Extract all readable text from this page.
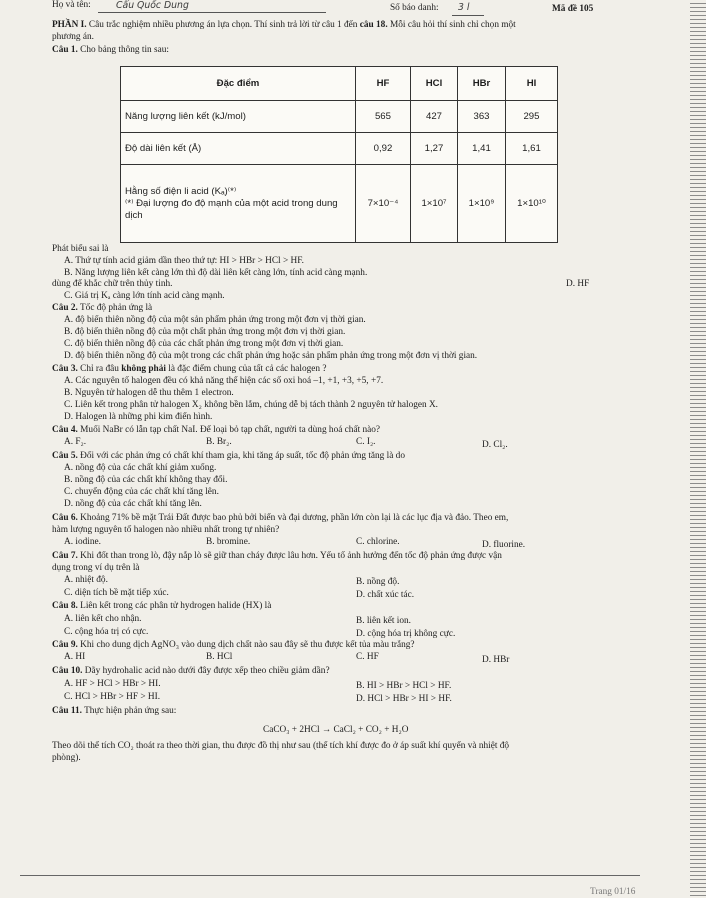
Họ và tên:	Cẩu Quốc Dung	Số báo danh: 3 l	Mã đề 105
PHẦN I. Câu trắc nghiệm nhiều phương án lựa chọn. Thí sinh trả lời từ câu 1 đến câu 18. Mỗi câu hỏi thí sinh chỉ chọn một
phương án.
Câu 1. Cho bảng thông tin sau:
Đặc điểm	HF	HCl	HBr	HI
Năng lượng liên kết (kJ/mol)	565	427	363	295
Độ dài liên kết (Å)	0,92	1,27	1,41	1,61

Hằng số điện li acid (Kₐ)⁽*⁾
⁽*⁾ Đại lượng đo độ mạnh của một acid trong dung dịch	7×10⁻⁴	1×10⁷	1×10⁹	1×10¹⁰
Phát biểu sai là
A. Thứ tự tính acid giảm dần theo thứ tự: HI > HBr > HCl > HF.
B. Năng lượng liên kết càng lớn thì độ dài liên kết càng lớn, tính acid càng mạnh.
dùng để khắc chữ trên thủy tinh.	D. HF
C. Giá trị Kₐ càng lớn tính acid càng mạnh.
Câu 2. Tốc độ phản ứng là
A. độ biến thiên nồng độ của một sản phẩm phản ứng trong một đơn vị thời gian.
B. độ biến thiên nồng độ của một chất phản ứng trong một đơn vị thời gian.
C. độ biến thiên nồng độ của các chất phản ứng trong một đơn vị thời gian.
D. độ biến thiên nồng độ của một trong các chất phản ứng hoặc sản phẩm phản ứng trong một đơn vị thời gian.
Câu 3. Chỉ ra đâu không phải là đặc điểm chung của tất cả các halogen ?
A. Các nguyên tố halogen đều có khả năng thể hiện các số oxi hoá –1, +1, +3, +5, +7.
B. Nguyên tử halogen dễ thu thêm 1 electron.
C. Liên kết trong phân tử halogen X₂ không bền lắm, chúng dễ bị tách thành 2 nguyên tử halogen X.
D. Halogen là những phi kim điển hình.
Câu 4. Muối NaBr có lẫn tạp chất NaI. Để loại bỏ tạp chất, người ta dùng hoá chất nào?
A. F₂.	B. Br₂.	C. I₂.	D. Cl₂.
Câu 5. Đối với các phản ứng có chất khí tham gia, khi tăng áp suất, tốc độ phản ứng tăng là do
A. nồng độ của các chất khí giảm xuống.
B. nồng độ của các chất khí không thay đổi.
C. chuyển động của các chất khí tăng lên.
D. nồng độ của các chất khí tăng lên.
Câu 6. Khoảng 71% bề mặt Trái Đất được bao phủ bởi biển và đại dương, phần lớn còn lại là các lục địa và đảo. Theo em,
hàm lượng nguyên tố halogen nào nhiều nhất trong tự nhiên?
A. iodine.	B. bromine.	C. chlorine.	D. fluorine.
Câu 7. Khi đốt than trong lò, đậy nắp lò sẽ giữ than cháy được lâu hơn. Yếu tố ảnh hưởng đến tốc độ phản ứng được vận
dụng trong ví dụ trên là
A. nhiệt độ.	B. nồng độ.
C. diện tích bề mặt tiếp xúc.	D. chất xúc tác.
Câu 8. Liên kết trong các phân tử hydrogen halide (HX) là
A. liên kết cho nhận.	B. liên kết ion.
C. cộng hóa trị có cực.	D. cộng hóa trị không cực.
Câu 9. Khi cho dung dịch AgNO₃ vào dung dịch chất nào sau đây sẽ thu được kết tủa màu trắng?
A. HI	B. HCl	C. HF	D. HBr
Câu 10. Dãy hydrohalic acid nào dưới đây được xếp theo chiều giảm dần?
A. HF > HCl > HBr > HI.	B. HI > HBr > HCl > HF.
C. HCl > HBr > HF > HI.	D. HCl > HBr > HI > HF.
Câu 11. Thực hiện phản ứng sau:
CaCO₃ + 2HCl → CaCl₂ + CO₂ + H₂O
Theo dõi thể tích CO₂ thoát ra theo thời gian, thu được đồ thị như sau (thể tích khí được đo ở áp suất khí quyển và nhiệt độ
phòng).
Trang 01/16
